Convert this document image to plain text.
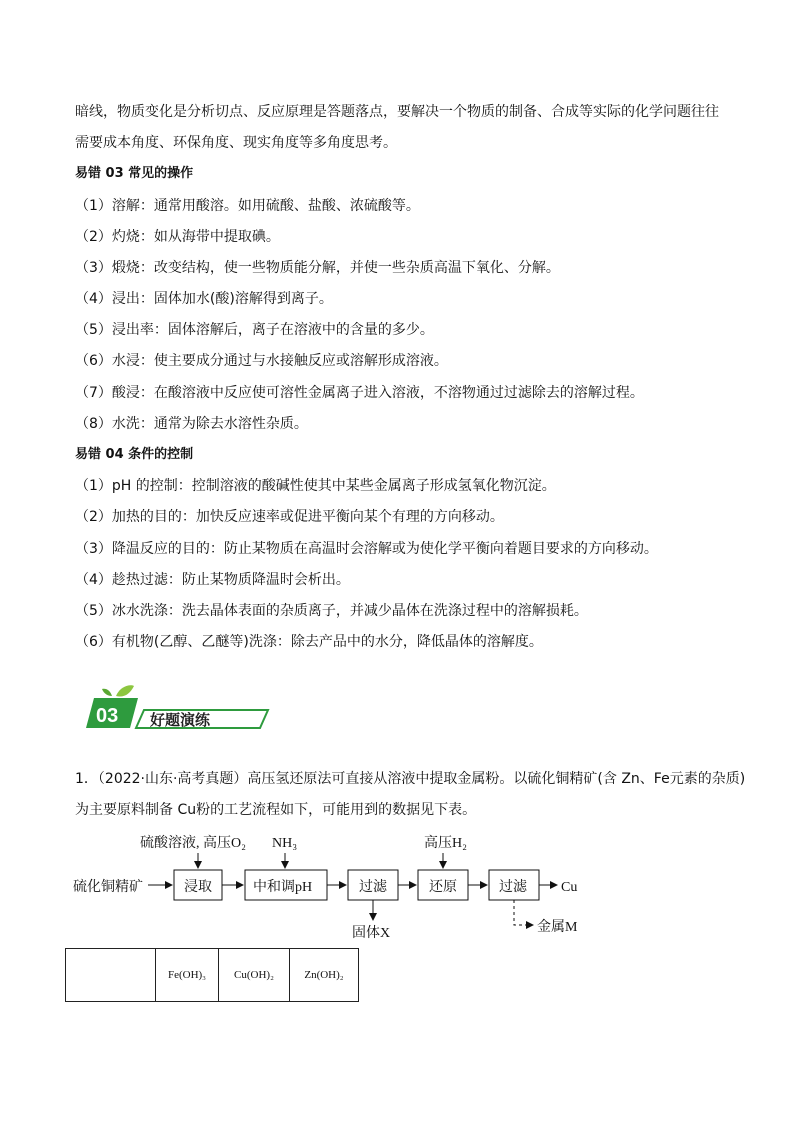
暗线，物质变化是分析切点、反应原理是答题落点，要解决一个物质的制备、合成等实际的化学问题往往
需要成本角度、环保角度、现实角度等多角度思考。
易错 03 常见的操作
（1）溶解：通常用酸溶。如用硫酸、盐酸、浓硫酸等。
（2）灼烧：如从海带中提取碘。
（3）煅烧：改变结构，使一些物质能分解，并使一些杂质高温下氧化、分解。
（4）浸出：固体加水(酸)溶解得到离子。
（5）浸出率：固体溶解后，离子在溶液中的含量的多少。
（6）水浸：使主要成分通过与水接触反应或溶解形成溶液。
（7）酸浸：在酸溶液中反应使可溶性金属离子进入溶液，不溶物通过过滤除去的溶解过程。
（8）水洗：通常为除去水溶性杂质。
易错 04 条件的控制
（1）pH 的控制：控制溶液的酸碱性使其中某些金属离子形成氢氧化物沉淀。
（2）加热的目的：加快反应速率或促进平衡向某个有理的方向移动。
（3）降温反应的目的：防止某物质在高温时会溶解或为使化学平衡向着题目要求的方向移动。
（4）趁热过滤：防止某物质降温时会析出。
（5）冰水洗涤：洗去晶体表面的杂质离子，并减少晶体在洗涤过程中的溶解损耗。
（6）有机物(乙醇、乙醚等)洗涤：除去产品中的水分，降低晶体的溶解度。
03 好题演练
1．（2022·山东·高考真题）高压氢还原法可直接从溶液中提取金属粉。以硫化铜精矿(含 Zn、Fe元素的杂质)
为主要原料制备 Cu粉的工艺流程如下，可能用到的数据见下表。
硫化铜精矿
硫酸溶液, 高压O₂ NH₃	高压H₂
浸取	中和调pH	过滤	还原	过滤 Cu
固体X	金属M
	Fe(OH)₃	Cu(OH)₂	Zn(OH)₂
